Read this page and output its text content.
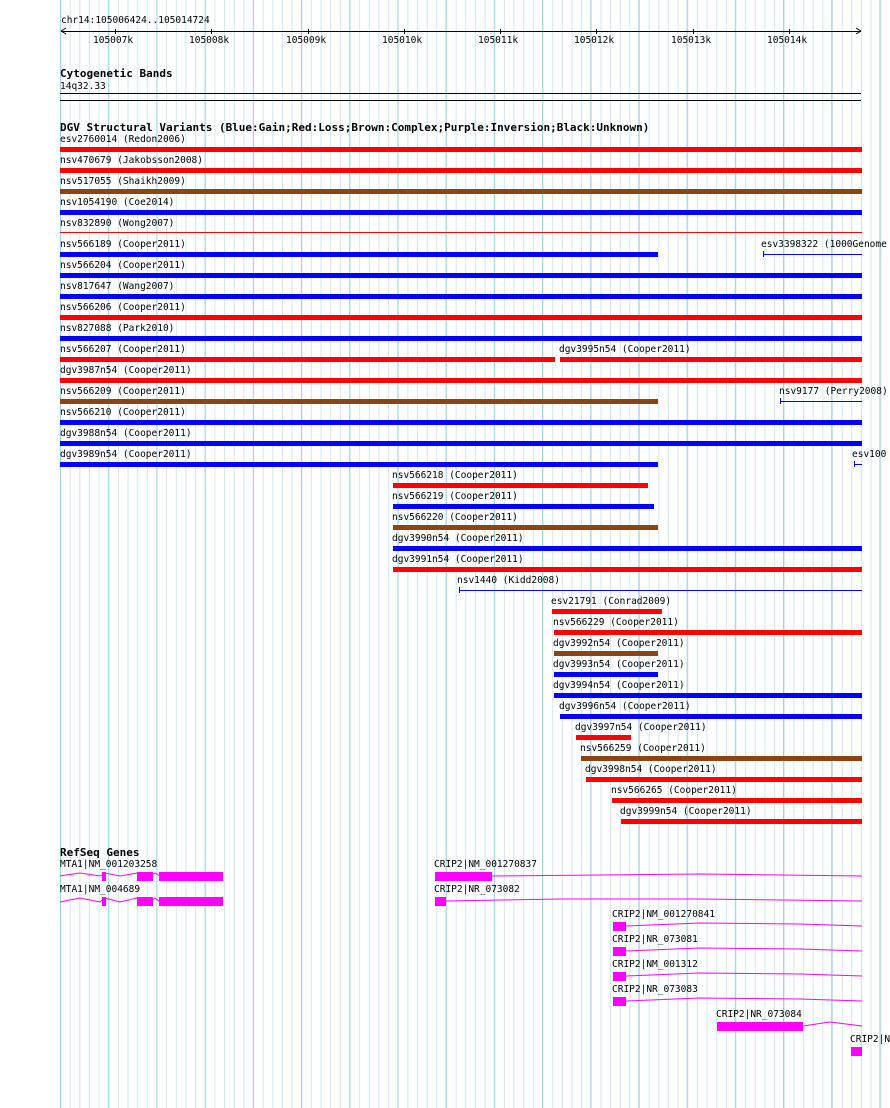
chr14:105006424..105014724
105007k	105008k	105009k	105010k	105011k	105012k	105013k	105014k
Cytogenetic Bands
14q32.33
DGV Structural Variants (Blue:Gain;Red:Loss;Brown:Complex;Purple:Inversion;Black:Unknown)
esv2760014 (Redon2006)
nsv470679 (Jakobsson2008)
nsv517055 (Shaikh2009)
nsv1054190 (Coe2014)
nsv832890 (Wong2007)
nsv566189 (Cooper2011)	esv3398322 (1000Genome
nsv566204 (Cooper2011)
nsv817647 (Wang2007)
nsv566206 (Cooper2011)
nsv827088 (Park2010)
nsv566207 (Cooper2011)	dgv3995n54 (Cooper2011)
dgv3987n54 (Cooper2011)
nsv566209 (Cooper2011)	nsv9177 (Perry2008)
nsv566210 (Cooper2011)
dgv3988n54 (Cooper2011)
dgv3989n54 (Cooper2011)	esv100
nsv566218 (Cooper2011)
nsv566219 (Cooper2011)
nsv566220 (Cooper2011)
dgv3990n54 (Cooper2011)
dgv3991n54 (Cooper2011)
nsv1440 (Kidd2008)
esv21791 (Conrad2009)
nsv566229 (Cooper2011)
dgv3992n54 (Cooper2011)
dgv3993n54 (Cooper2011)
dgv3994n54 (Cooper2011)
dgv3996n54 (Cooper2011)
dgv3997n54 (Cooper2011)
nsv566259 (Cooper2011)
dgv3998n54 (Cooper2011)
nsv566265 (Cooper2011)
dgv3999n54 (Cooper2011)
RefSeq Genes
MTA1|NM_001203258
MTA1|NM_004689
CRIP2|NM_001270837
CRIP2|NR_073082
CRIP2|NM_001270841
CRIP2|NR_073081
CRIP2|NM_001312
CRIP2|NR_073083
CRIP2|NR_073084
CRIP2|N
